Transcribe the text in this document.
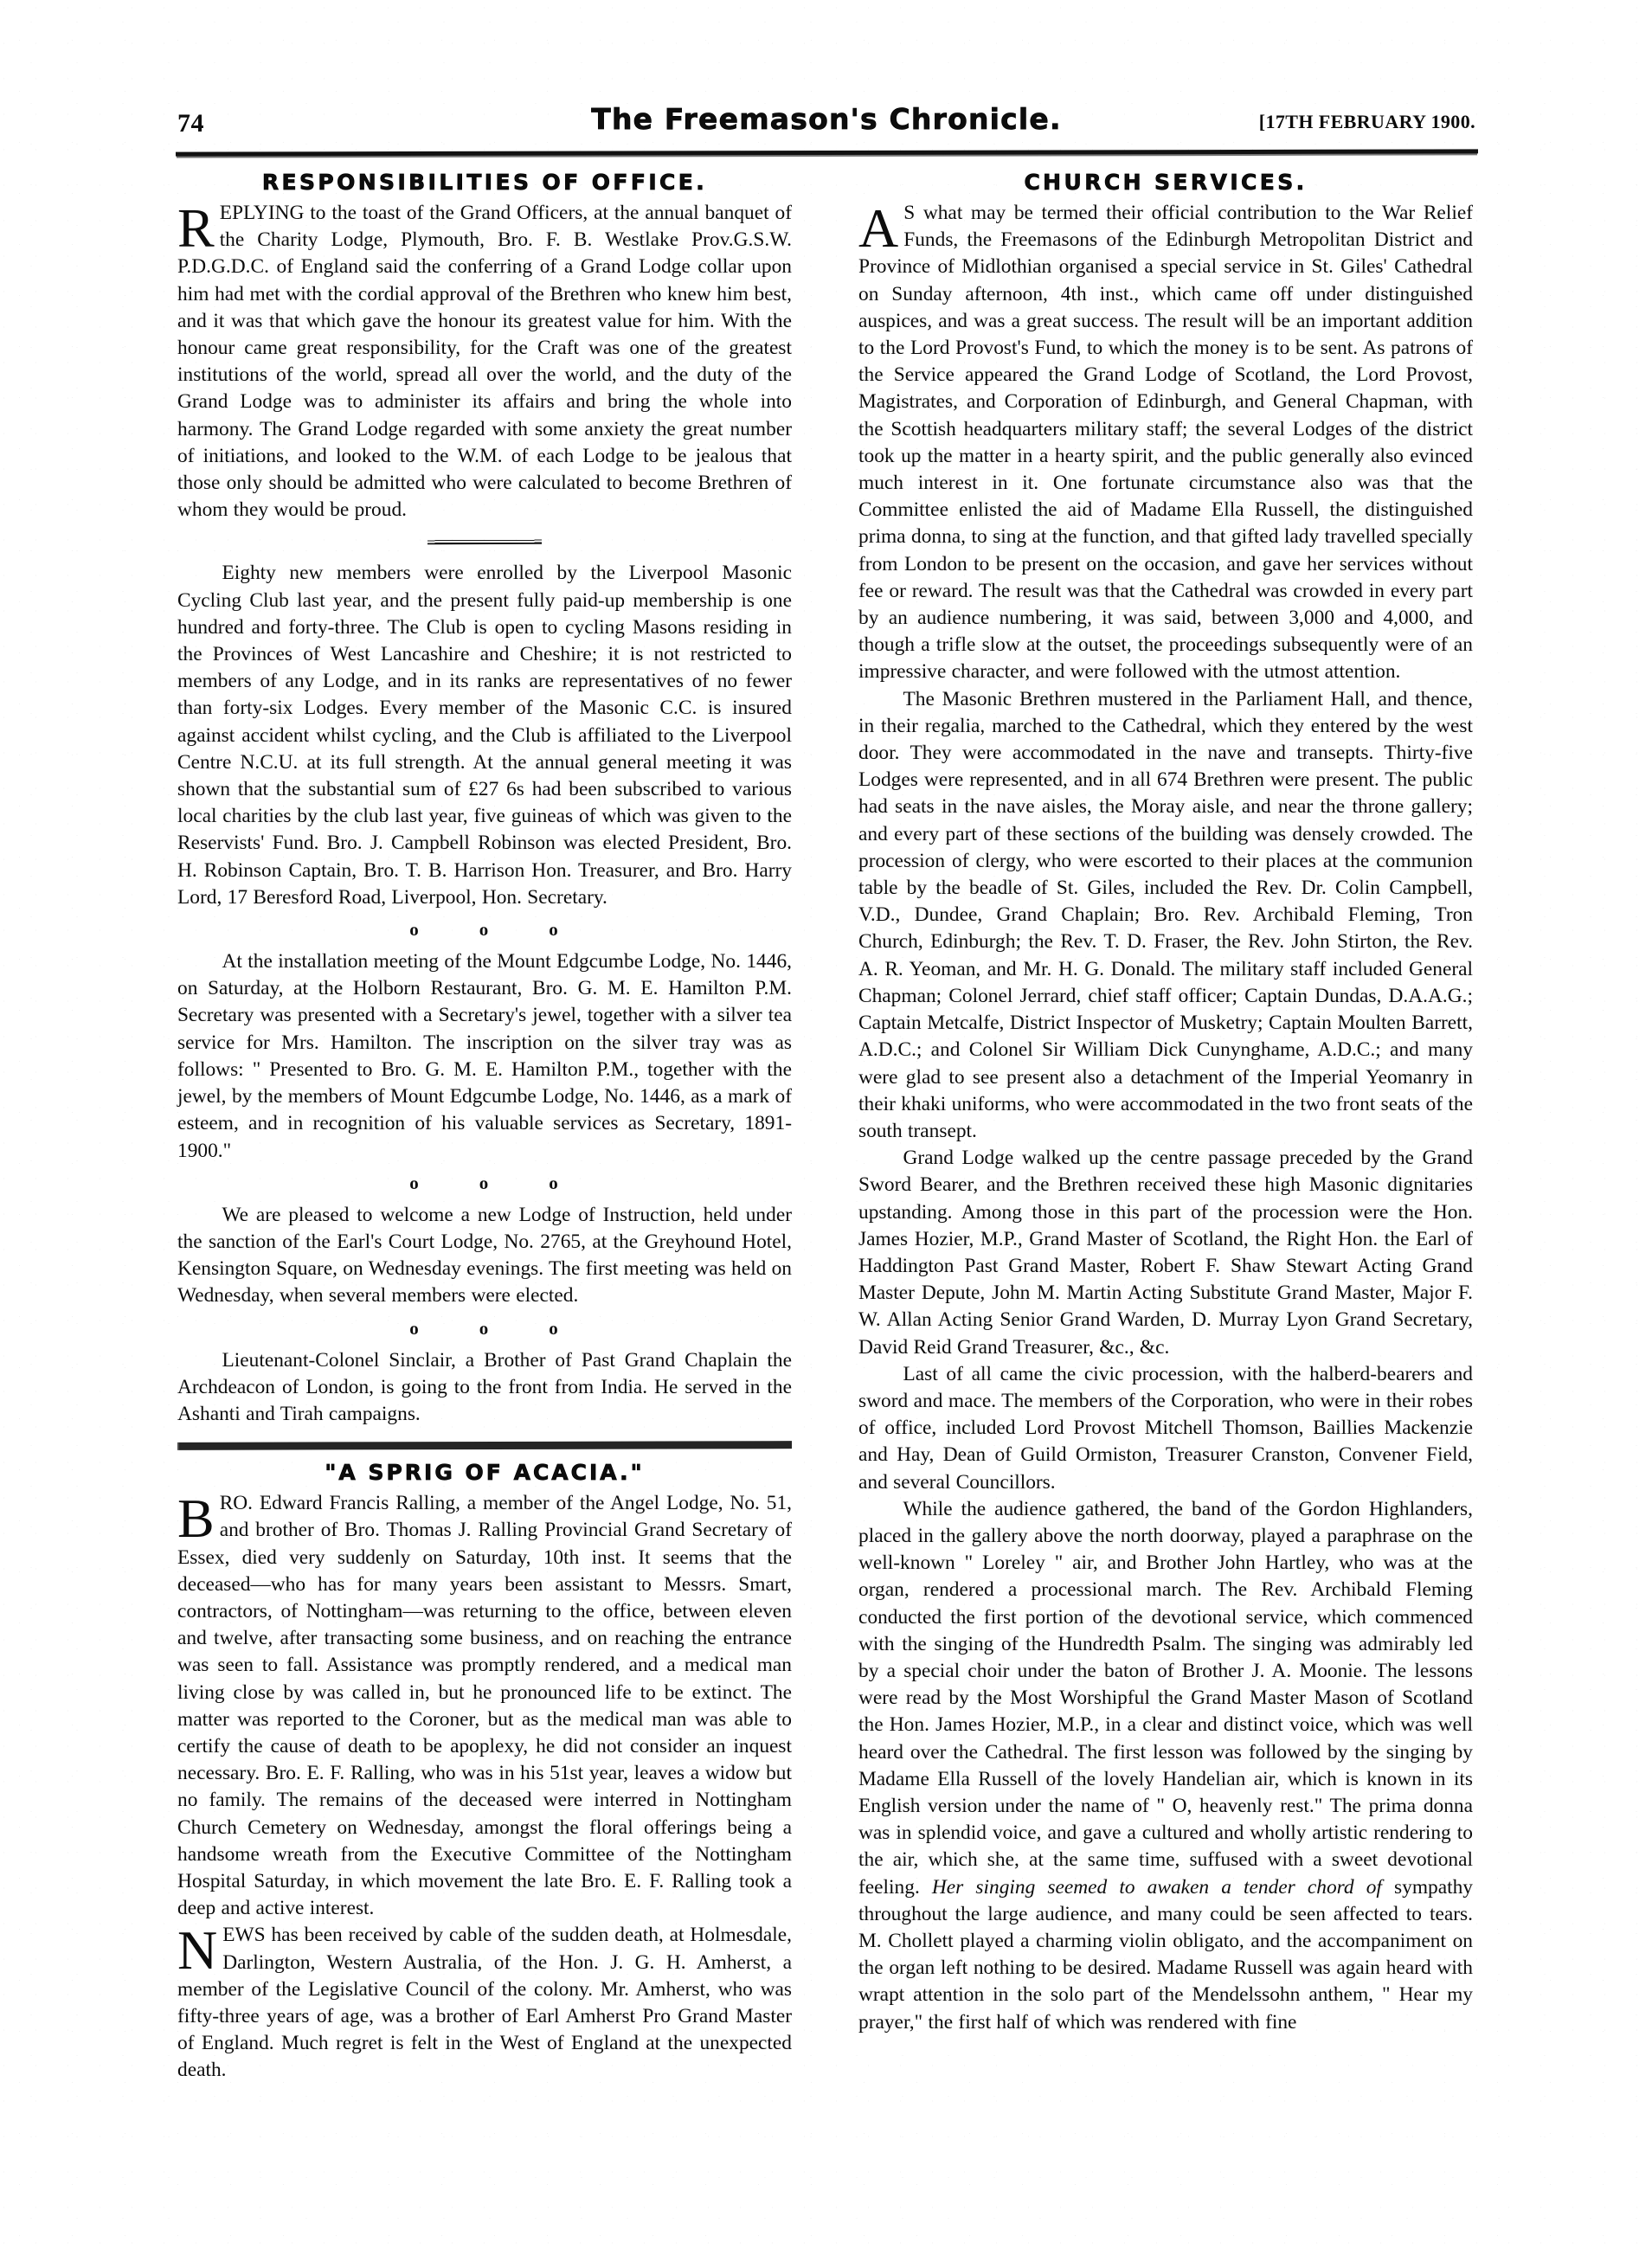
74	The Freemason's Chronicle.	[17TH FEBRUARY 1900.
RESPONSIBILITIES OF OFFICE.

REPLYING to the toast of the Grand Officers, at the annual banquet of the Charity Lodge, Plymouth, Bro. F. B. Westlake Prov.G.S.W. P.D.G.D.C. of England said the conferring of a Grand Lodge collar upon him had met with the cordial approval of the Brethren who knew him best, and it was that which gave the honour its greatest value for him. With the honour came great responsibility, for the Craft was one of the greatest institutions of the world, spread all over the world, and the duty of the Grand Lodge was to administer its affairs and bring the whole into harmony. The Grand Lodge regarded with some anxiety the great number of initiations, and looked to the W.M. of each Lodge to be jealous that those only should be admitted who were calculated to become Brethren of whom they would be proud.

Eighty new members were enrolled by the Liverpool Masonic Cycling Club last year, and the present fully paid-up membership is one hundred and forty-three. The Club is open to cycling Masons residing in the Provinces of West Lancashire and Cheshire; it is not restricted to members of any Lodge, and in its ranks are representatives of no fewer than forty-six Lodges. Every member of the Masonic C.C. is insured against accident whilst cycling, and the Club is affiliated to the Liverpool Centre N.C.U. at its full strength. At the annual general meeting it was shown that the substantial sum of £27 6s had been subscribed to various local charities by the club last year, five guineas of which was given to the Reservists' Fund. Bro. J. Campbell Robinson was elected President, Bro. H. Robinson Captain, Bro. T. B. Harrison Hon. Treasurer, and Bro. Harry Lord, 17 Beresford Road, Liverpool, Hon. Secretary.

o	o	o

At the installation meeting of the Mount Edgcumbe Lodge, No. 1446, on Saturday, at the Holborn Restaurant, Bro. G. M. E. Hamilton P.M. Secretary was presented with a Secretary's jewel, together with a silver tea service for Mrs. Hamilton. The inscription on the silver tray was as follows: " Presented to Bro. G. M. E. Hamilton P.M., together with the jewel, by the members of Mount Edgcumbe Lodge, No. 1446, as a mark of esteem, and in recognition of his valuable services as Secretary, 1891-1900."

o	o	o

We are pleased to welcome a new Lodge of Instruction, held under the sanction of the Earl's Court Lodge, No. 2765, at the Greyhound Hotel, Kensington Square, on Wednesday evenings. The first meeting was held on Wednesday, when several members were elected.

o	o	o

Lieutenant-Colonel Sinclair, a Brother of Past Grand Chaplain the Archdeacon of London, is going to the front from India. He served in the Ashanti and Tirah campaigns.

"A SPRIG OF ACACIA."

BRO. Edward Francis Ralling, a member of the Angel Lodge, No. 51, and brother of Bro. Thomas J. Ralling Provincial Grand Secretary of Essex, died very suddenly on Saturday, 10th inst. It seems that the deceased—who has for many years been assistant to Messrs. Smart, contractors, of Nottingham—was returning to the office, between eleven and twelve, after transacting some business, and on reaching the entrance was seen to fall. Assistance was promptly rendered, and a medical man living close by was called in, but he pronounced life to be extinct. The matter was reported to the Coroner, but as the medical man was able to certify the cause of death to be apoplexy, he did not consider an inquest necessary. Bro. E. F. Ralling, who was in his 51st year, leaves a widow but no family. The remains of the deceased were interred in Nottingham Church Cemetery on Wednesday, amongst the floral offerings being a handsome wreath from the Executive Committee of the Nottingham Hospital Saturday, in which movement the late Bro. E. F. Ralling took a deep and active interest.

NEWS has been received by cable of the sudden death, at Holmesdale, Darlington, Western Australia, of the Hon. J. G. H. Amherst, a member of the Legislative Council of the colony. Mr. Amherst, who was fifty-three years of age, was a brother of Earl Amherst Pro Grand Master of England. Much regret is felt in the West of England at the unexpected death.

CHURCH SERVICES.

A S what may be termed their official contribution to the War Relief Funds, the Freemasons of the Edinburgh Metropolitan District and Province of Midlothian organised a special service in St. Giles' Cathedral on Sunday afternoon, 4th inst., which came off under distinguished auspices, and was a great success. The result will be an important addition to the Lord Provost's Fund, to which the money is to be sent. As patrons of the Service appeared the Grand Lodge of Scotland, the Lord Provost, Magistrates, and Corporation of Edinburgh, and General Chapman, with the Scottish headquarters military staff; the several Lodges of the district took up the matter in a hearty spirit, and the public generally also evinced much interest in it. One fortunate circumstance also was that the Committee enlisted the aid of Madame Ella Russell, the distinguished prima donna, to sing at the function, and that gifted lady travelled specially from London to be present on the occasion, and gave her services without fee or reward. The result was that the Cathedral was crowded in every part by an audience numbering, it was said, between 3,000 and 4,000, and though a trifle slow at the outset, the proceedings subsequently were of an impressive character, and were followed with the utmost attention.

The Masonic Brethren mustered in the Parliament Hall, and thence, in their regalia, marched to the Cathedral, which they entered by the west door. They were accommodated in the nave and transepts. Thirty-five Lodges were represented, and in all 674 Brethren were present. The public had seats in the nave aisles, the Moray aisle, and near the throne gallery; and every part of these sections of the building was densely crowded. The procession of clergy, who were escorted to their places at the communion table by the beadle of St. Giles, included the Rev. Dr. Colin Campbell, V.D., Dundee, Grand Chaplain; Bro. Rev. Archibald Fleming, Tron Church, Edinburgh; the Rev. T. D. Fraser, the Rev. John Stirton, the Rev. A. R. Yeoman, and Mr. H. G. Donald. The military staff included General Chapman; Colonel Jerrard, chief staff officer; Captain Dundas, D.A.A.G.; Captain Metcalfe, District Inspector of Musketry; Captain Moulten Barrett, A.D.C.; and Colonel Sir William Dick Cunynghame, A.D.C.; and many were glad to see present also a detachment of the Imperial Yeomanry in their khaki uniforms, who were accommodated in the two front seats of the south transept.

Grand Lodge walked up the centre passage preceded by the Grand Sword Bearer, and the Brethren received these high Masonic dignitaries upstanding. Among those in this part of the procession were the Hon. James Hozier, M.P., Grand Master of Scotland, the Right Hon. the Earl of Haddington Past Grand Master, Robert F. Shaw Stewart Acting Grand Master Depute, John M. Martin Acting Substitute Grand Master, Major F. W. Allan Acting Senior Grand Warden, D. Murray Lyon Grand Secretary, David Reid Grand Treasurer, &c., &c.

Last of all came the civic procession, with the halberd-bearers and sword and mace. The members of the Corporation, who were in their robes of office, included Lord Provost Mitchell Thomson, Baillies Mackenzie and Hay, Dean of Guild Ormiston, Treasurer Cranston, Convener Field, and several Councillors.

While the audience gathered, the band of the Gordon Highlanders, placed in the gallery above the north doorway, played a paraphrase on the well-known " Loreley " air, and Brother John Hartley, who was at the organ, rendered a processional march. The Rev. Archibald Fleming conducted the first portion of the devotional service, which commenced with the singing of the Hundredth Psalm. The singing was admirably led by a special choir under the baton of Brother J. A. Moonie. The lessons were read by the Most Worshipful the Grand Master Mason of Scotland the Hon. James Hozier, M.P., in a clear and distinct voice, which was well heard over the Cathedral. The first lesson was followed by the singing by Madame Ella Russell of the lovely Handelian air, which is known in its English version under the name of " O, heavenly rest." The prima donna was in splendid voice, and gave a cultured and wholly artistic rendering to the air, which she, at the same time, suffused with a sweet devotional feeling. Her singing seemed to awaken a tender chord of sympathy throughout the large audience, and many could be seen affected to tears. M. Chollett played a charming violin obligato, and the accompaniment on the organ left nothing to be desired. Madame Russell was again heard with wrapt attention in the solo part of the Mendelssohn anthem, " Hear my prayer," the first half of which was rendered with fine
